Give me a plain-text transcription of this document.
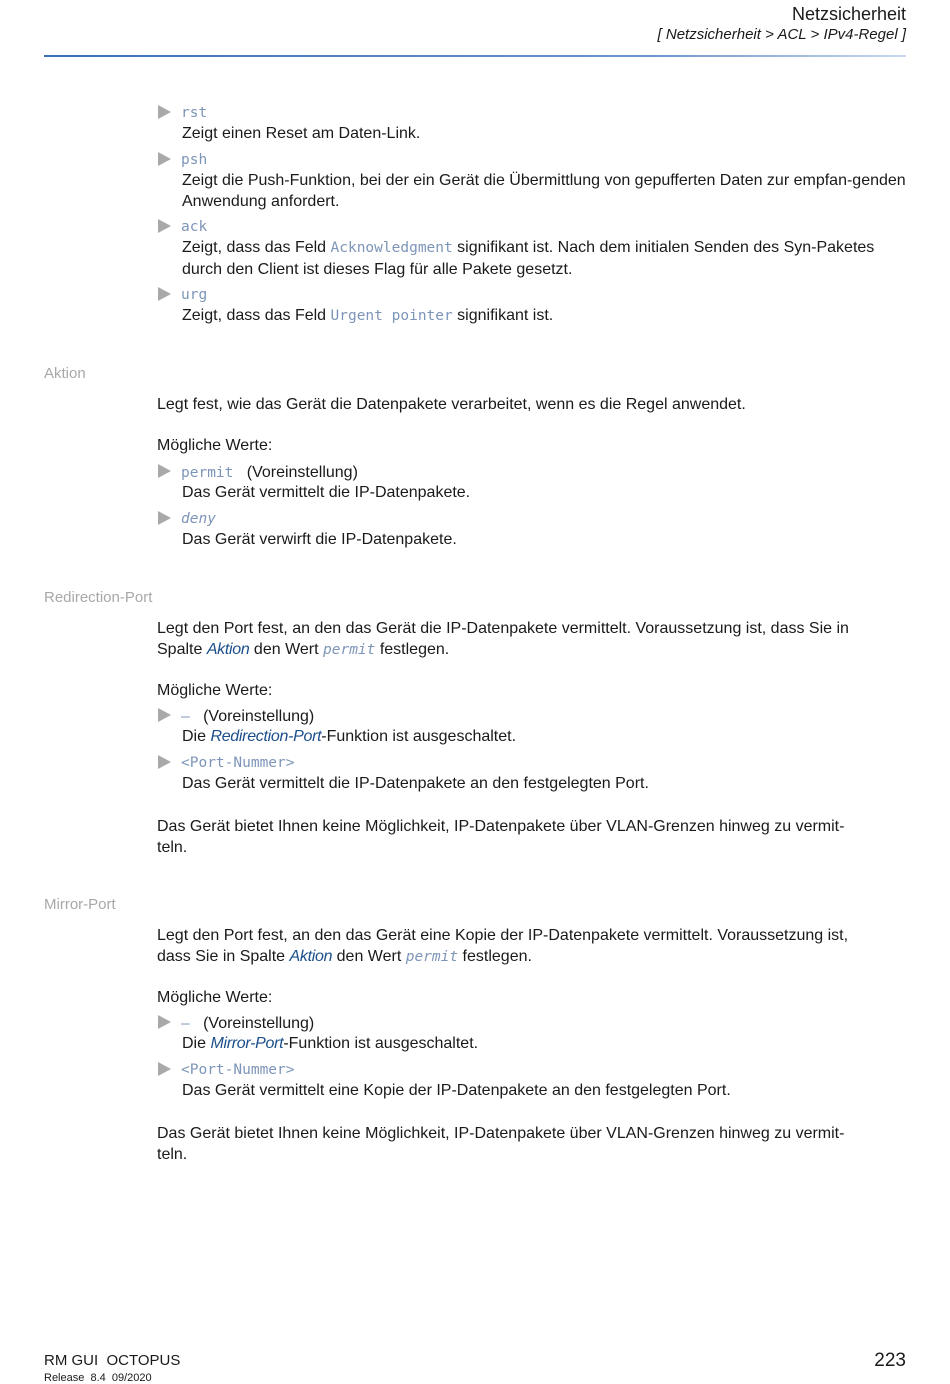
Netzsicherheit
[ Netzsicherheit > ACL > IPv4-Regel ]
rst
Zeigt einen Reset am Daten-Link.
psh
Zeigt die Push-Funktion, bei der ein Gerät die Übermittlung von gepufferten Daten zur empfan-genden Anwendung anfordert.
ack
Zeigt, dass das Feld Acknowledgment signifikant ist. Nach dem initialen Senden des Syn-Paketes durch den Client ist dieses Flag für alle Pakete gesetzt.
urg
Zeigt, dass das Feld Urgent pointer signifikant ist.
Aktion
Legt fest, wie das Gerät die Datenpakete verarbeitet, wenn es die Regel anwendet.
Mögliche Werte:
permit (Voreinstellung)
Das Gerät vermittelt die IP-Datenpakete.
deny
Das Gerät verwirft die IP-Datenpakete.
Redirection-Port
Legt den Port fest, an den das Gerät die IP-Datenpakete vermittelt. Voraussetzung ist, dass Sie in
Spalte Aktion den Wert permit festlegen.
Mögliche Werte:
– (Voreinstellung)
Die Redirection-Port-Funktion ist ausgeschaltet.
<Port-Nummer>
Das Gerät vermittelt die IP-Datenpakete an den festgelegten Port.
Das Gerät bietet Ihnen keine Möglichkeit, IP-Datenpakete über VLAN-Grenzen hinweg zu vermit-
teln.
Mirror-Port
Legt den Port fest, an den das Gerät eine Kopie der IP-Datenpakete vermittelt. Voraussetzung ist,
dass Sie in Spalte Aktion den Wert permit festlegen.
Mögliche Werte:
– (Voreinstellung)
Die Mirror-Port-Funktion ist ausgeschaltet.
<Port-Nummer>
Das Gerät vermittelt eine Kopie der IP-Datenpakete an den festgelegten Port.
Das Gerät bietet Ihnen keine Möglichkeit, IP-Datenpakete über VLAN-Grenzen hinweg zu vermit-
teln.
RM GUI  OCTOPUS
Release  8.4  09/2020
223
